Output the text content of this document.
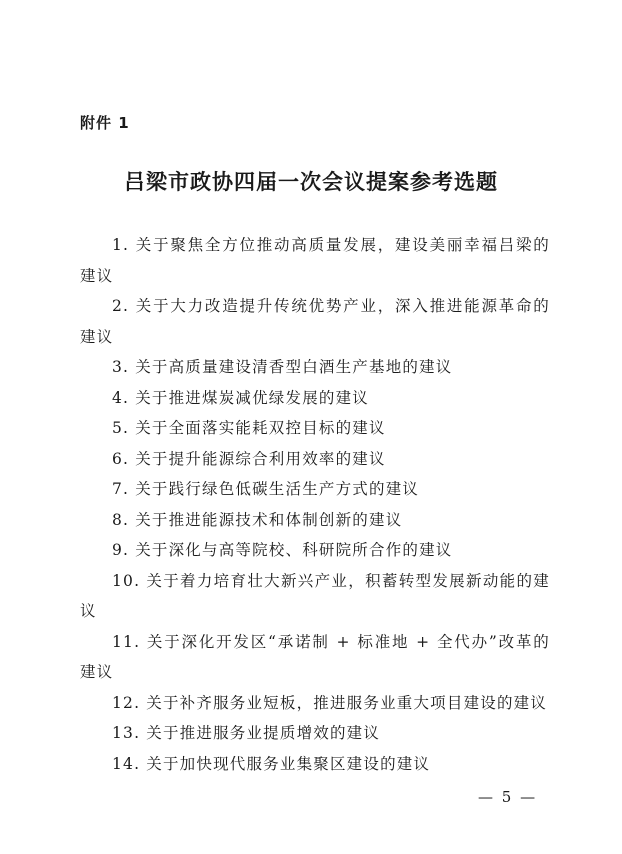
附件 1
吕梁市政协四届一次会议提案参考选题

1. 关于聚焦全方位推动高质量发展，建设美丽幸福吕梁的建议

2. 关于大力改造提升传统优势产业，深入推进能源革命的建议

3. 关于高质量建设清香型白酒生产基地的建议

4. 关于推进煤炭减优绿发展的建议

5. 关于全面落实能耗双控目标的建议

6. 关于提升能源综合利用效率的建议

7. 关于践行绿色低碳生活生产方式的建议

8. 关于推进能源技术和体制创新的建议

9. 关于深化与高等院校、科研院所合作的建议

10. 关于着力培育壮大新兴产业，积蓄转型发展新动能的建议

11. 关于深化开发区“承诺制 + 标准地 + 全代办”改革的建议

12. 关于补齐服务业短板，推进服务业重大项目建设的建议

13. 关于推进服务业提质增效的建议

14. 关于加快现代服务业集聚区建设的建议

— 5 —
